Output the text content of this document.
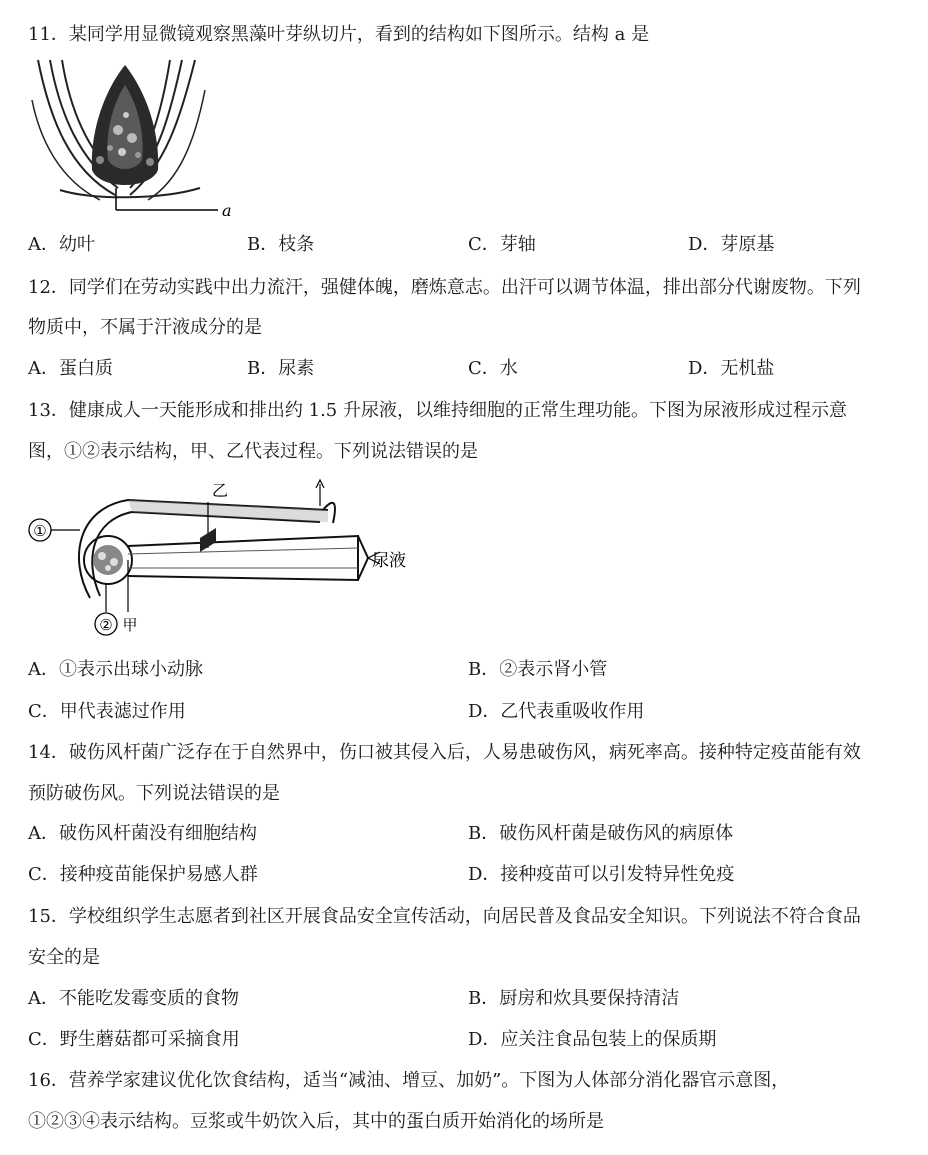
11．某同学用显微镜观察黑藻叶芽纵切片，看到的结构如下图所示。结构 a 是
a
A．幼叶	B．枝条	C．芽轴	D．芽原基
12．同学们在劳动实践中出力流汗，强健体魄，磨炼意志。出汗可以调节体温，排出部分代谢废物。下列
物质中，不属于汗液成分的是
A．蛋白质	B．尿素	C．水	D．无机盐
13．健康成人一天能形成和排出约 1.5 升尿液，以维持细胞的正常生理功能。下图为尿液形成过程示意
图，①②表示结构，甲、乙代表过程。下列说法错误的是
①
尿液
乙
② 甲
A．①表示出球小动脉	B．②表示肾小管
C．甲代表滤过作用	D．乙代表重吸收作用
14．破伤风杆菌广泛存在于自然界中，伤口被其侵入后，人易患破伤风，病死率高。接种特定疫苗能有效
预防破伤风。下列说法错误的是
A．破伤风杆菌没有细胞结构	B．破伤风杆菌是破伤风的病原体
C．接种疫苗能保护易感人群	D．接种疫苗可以引发特异性免疫
15．学校组织学生志愿者到社区开展食品安全宣传活动，向居民普及食品安全知识。下列说法不符合食品
安全的是
A．不能吃发霉变质的食物	B．厨房和炊具要保持清洁
C．野生蘑菇都可采摘食用	D．应关注食品包装上的保质期
16．营养学家建议优化饮食结构，适当“减油、增豆、加奶”。下图为人体部分消化器官示意图，
①②③④表示结构。豆浆或牛奶饮入后，其中的蛋白质开始消化的场所是
